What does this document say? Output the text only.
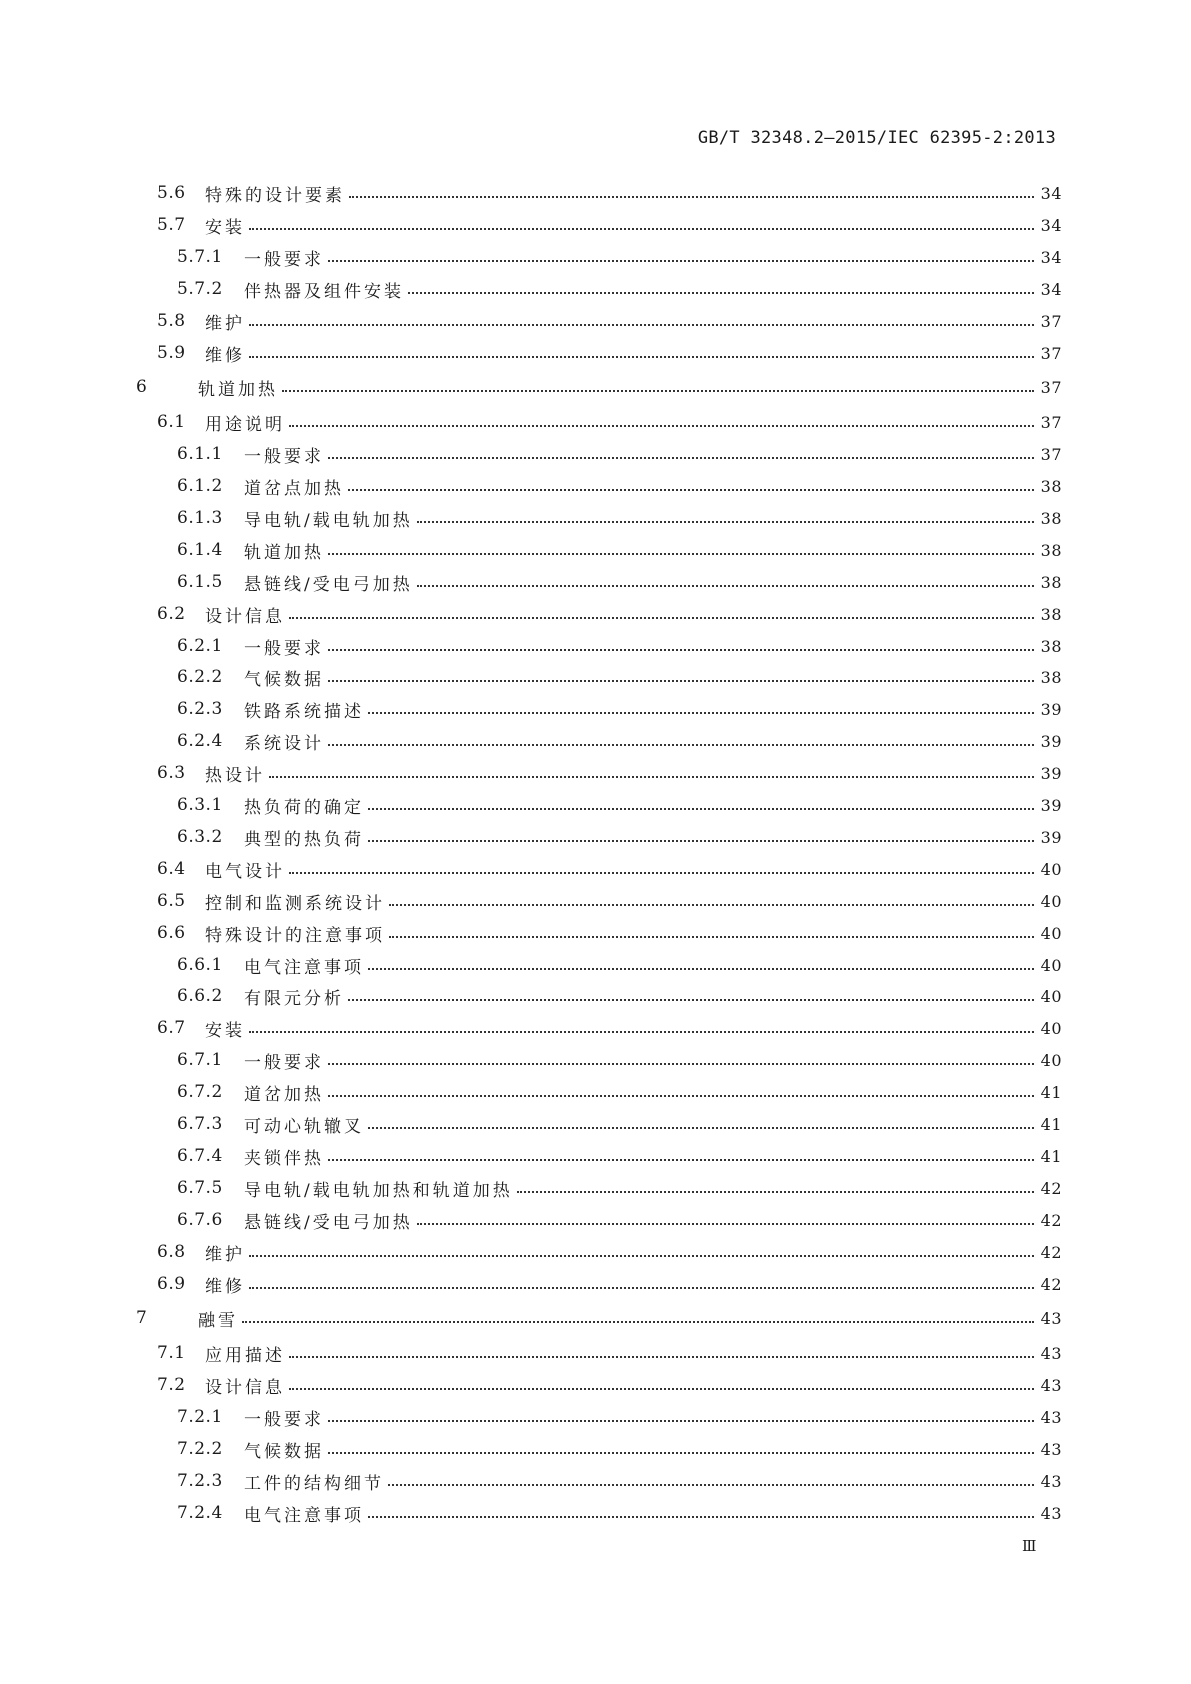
GB/T 32348.2—2015/IEC 62395-2:2013
5.6	特殊的设计要素	34
5.7	安装	34
5.7.1	一般要求	34
5.7.2	伴热器及组件安装	34
5.8	维护	37
5.9	维修	37
6	轨道加热	37
6.1	用途说明	37
6.1.1	一般要求	37
6.1.2	道岔点加热	38
6.1.3	导电轨/载电轨加热	38
6.1.4	轨道加热	38
6.1.5	悬链线/受电弓加热	38
6.2	设计信息	38
6.2.1	一般要求	38
6.2.2	气候数据	38
6.2.3	铁路系统描述	39
6.2.4	系统设计	39
6.3	热设计	39
6.3.1	热负荷的确定	39
6.3.2	典型的热负荷	39
6.4	电气设计	40
6.5	控制和监测系统设计	40
6.6	特殊设计的注意事项	40
6.6.1	电气注意事项	40
6.6.2	有限元分析	40
6.7	安装	40
6.7.1	一般要求	40
6.7.2	道岔加热	41
6.7.3	可动心轨辙叉	41
6.7.4	夹锁伴热	41
6.7.5	导电轨/载电轨加热和轨道加热	42
6.7.6	悬链线/受电弓加热	42
6.8	维护	42
6.9	维修	42
7	融雪	43
7.1	应用描述	43
7.2	设计信息	43
7.2.1	一般要求	43
7.2.2	气候数据	43
7.2.3	工件的结构细节	43
7.2.4	电气注意事项	43
Ⅲ
